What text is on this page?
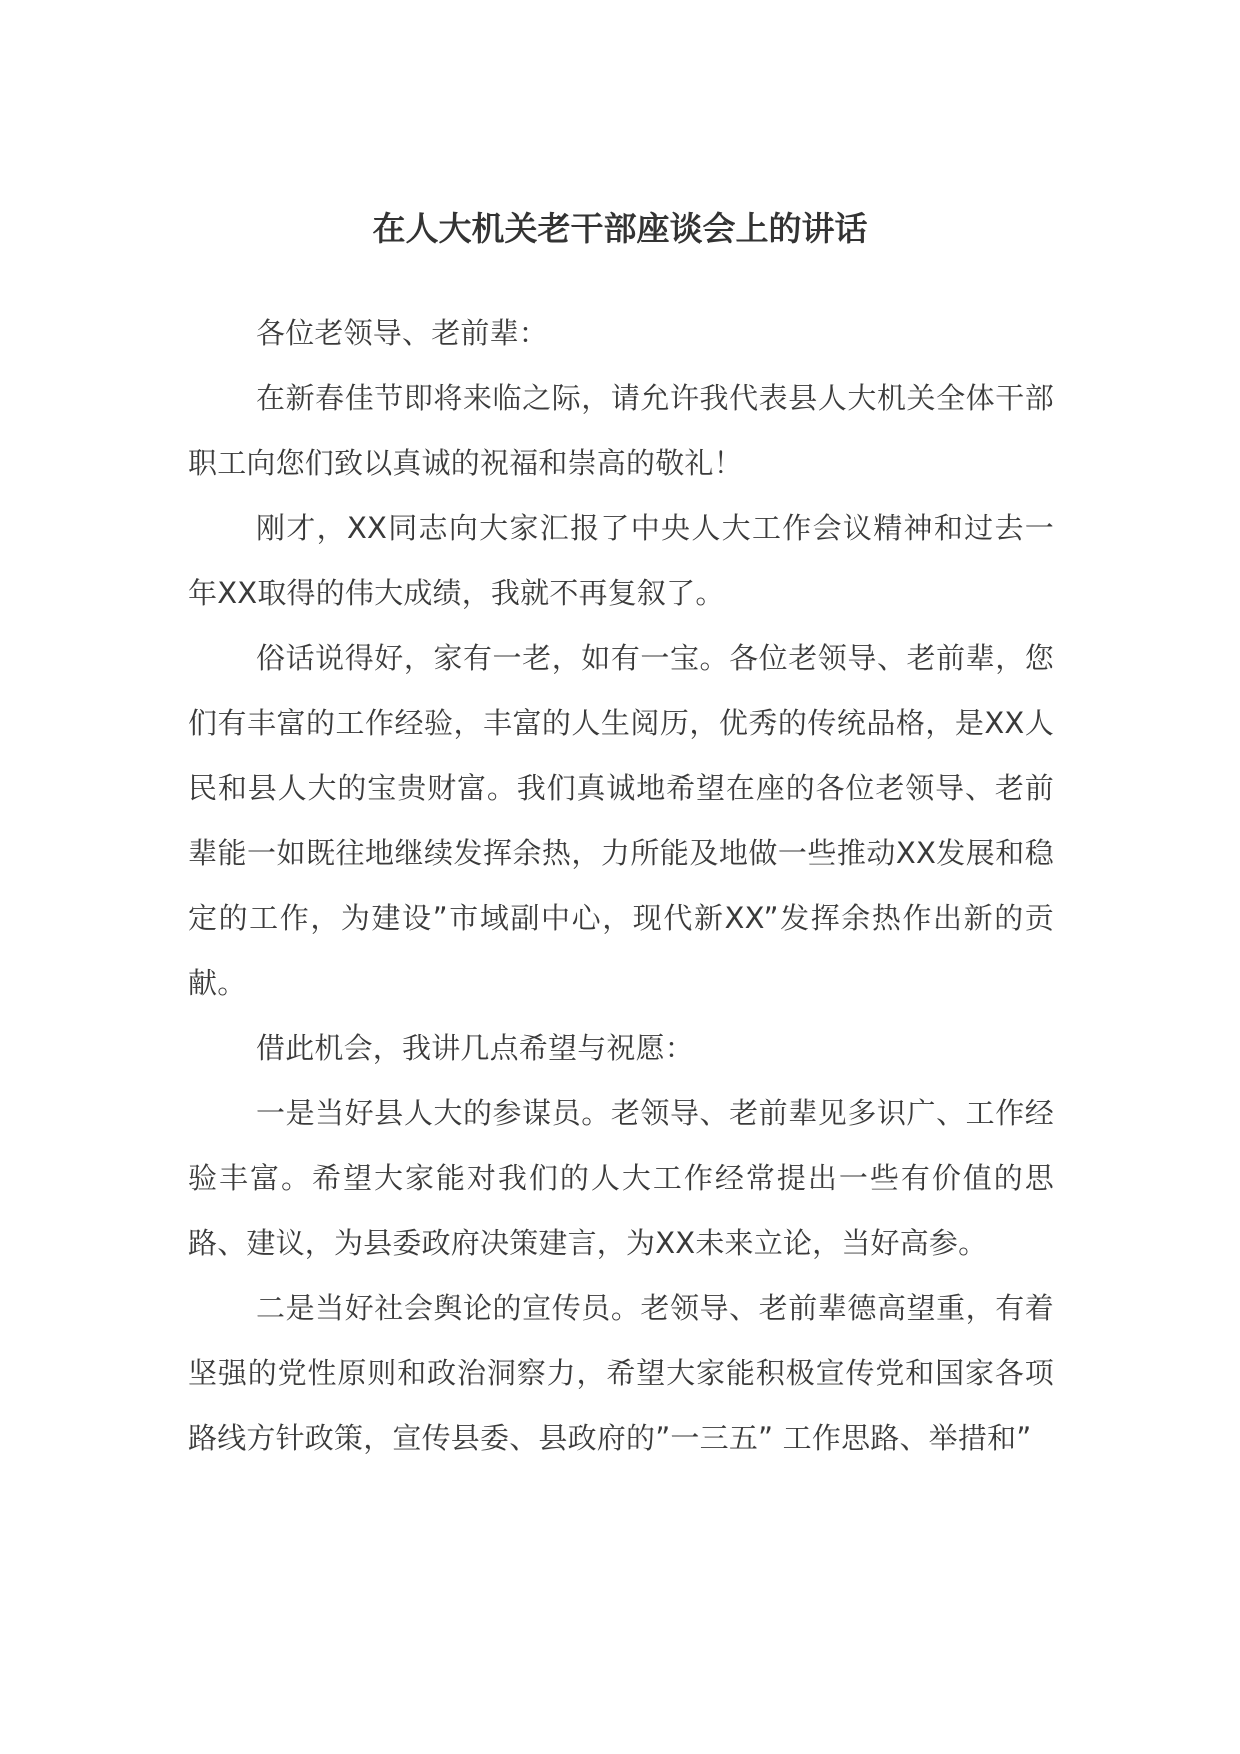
在人大机关老干部座谈会上的讲话

各位老领导、老前辈：

在新春佳节即将来临之际，请允许我代表县人大机关全体干部职工向您们致以真诚的祝福和崇高的敬礼！

刚才，XX同志向大家汇报了中央人大工作会议精神和过去一年XX取得的伟大成绩，我就不再复叙了。

俗话说得好，家有一老，如有一宝。各位老领导、老前辈，您们有丰富的工作经验，丰富的人生阅历，优秀的传统品格，是XX人民和县人大的宝贵财富。我们真诚地希望在座的各位老领导、老前辈能一如既往地继续发挥余热，力所能及地做一些推动XX发展和稳定的工作，为建设”市域副中心，现代新XX”发挥余热作出新的贡献。

借此机会，我讲几点希望与祝愿：

一是当好县人大的参谋员。老领导、老前辈见多识广、工作经验丰富。希望大家能对我们的人大工作经常提出一些有价值的思路、建议，为县委政府决策建言，为XX未来立论，当好高参。

二是当好社会舆论的宣传员。老领导、老前辈德高望重，有着坚强的党性原则和政治洞察力，希望大家能积极宣传党和国家各项路线方针政策，宣传县委、县政府的”一三五” 工作思路、举措和”
